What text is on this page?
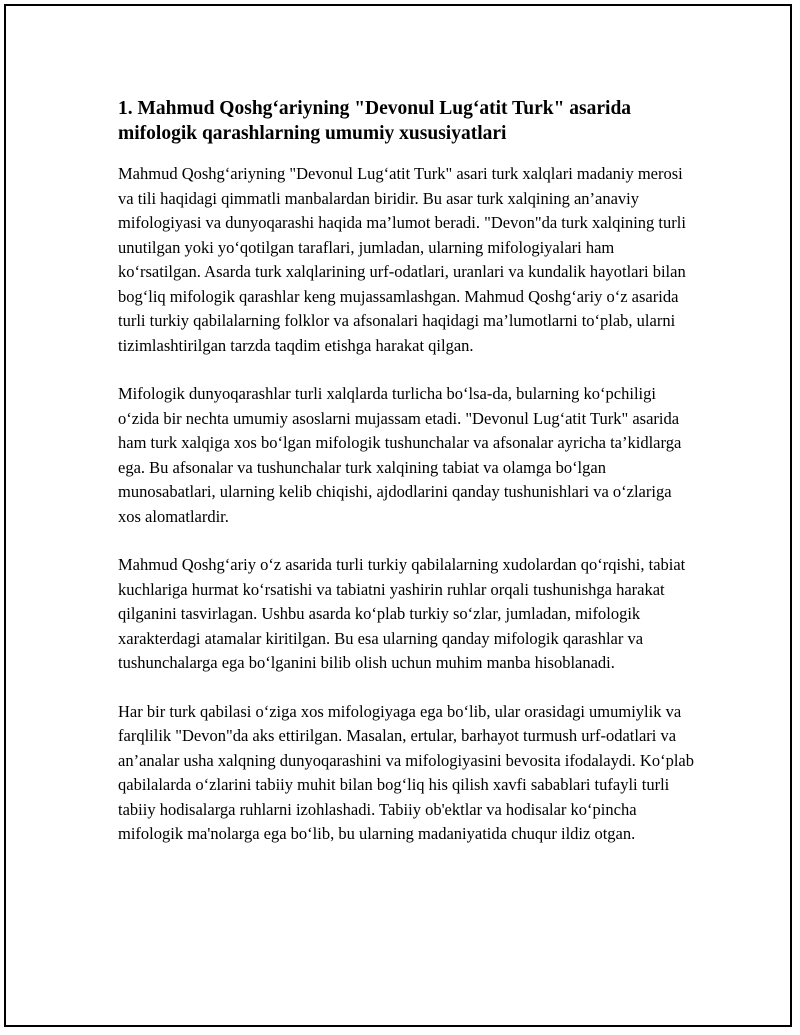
1. Mahmud Qoshg‘ariyning "Devonul Lug‘atit Turk" asarida mifologik qarashlarning umumiy xususiyatlari

Mahmud Qoshg‘ariyning "Devonul Lug‘atit Turk" asari turk xalqlari madaniy merosi va tili haqidagi qimmatli manbalardan biridir. Bu asar turk xalqining an’anaviy mifologiyasi va dunyoqarashi haqida ma’lumot beradi. "Devon"da turk xalqining turli unutilgan yoki yo‘qotilgan taraflari, jumladan, ularning mifologiyalari ham ko‘rsatilgan. Asarda turk xalqlarining urf-odatlari, uranlari va kundalik hayotlari bilan bog‘liq mifologik qarashlar keng mujassamlashgan. Mahmud Qoshg‘ariy o‘z asarida turli turkiy qabilalarning folklor va afsonalari haqidagi ma’lumotlarni to‘plab, ularni tizimlashtirilgan tarzda taqdim etishga harakat qilgan.

Mifologik dunyoqarashlar turli xalqlarda turlicha bo‘lsa-da, bularning ko‘pchiligi o‘zida bir nechta umumiy asoslarni mujassam etadi. "Devonul Lug‘atit Turk" asarida ham turk xalqiga xos bo‘lgan mifologik tushunchalar va afsonalar ayricha ta’kidlarga ega. Bu afsonalar va tushunchalar turk xalqining tabiat va olamga bo‘lgan munosabatlari, ularning kelib chiqishi, ajdodlarini qanday tushunishlari va o‘zlariga xos alomatlardir.

Mahmud Qoshg‘ariy o‘z asarida turli turkiy qabilalarning xudolardan qo‘rqishi, tabiat kuchlariga hurmat ko‘rsatishi va tabiatni yashirin ruhlar orqali tushunishga harakat qilganini tasvirlagan. Ushbu asarda ko‘plab turkiy so‘zlar, jumladan, mifologik xarakterdagi atamalar kiritilgan. Bu esa ularning qanday mifologik qarashlar va tushunchalarga ega bo‘lganini bilib olish uchun muhim manba hisoblanadi.

Har bir turk qabilasi o‘ziga xos mifologiyaga ega bo‘lib, ular orasidagi umumiylik va farqlilik "Devon"da aks ettirilgan. Masalan, ertular, barhayot turmush urf-odatlari va an’analar usha xalqning dunyoqarashini va mifologiyasini bevosita ifodalaydi. Ko‘plab qabilalarda o‘zlarini tabiiy muhit bilan bog‘liq his qilish xavfi sabablari tufayli turli tabiiy hodisalarga ruhlarni izohlashadi. Tabiiy ob'ektlar va hodisalar ko‘pincha mifologik ma'nolarga ega bo‘lib, bu ularning madaniyatida chuqur ildiz otgan.
